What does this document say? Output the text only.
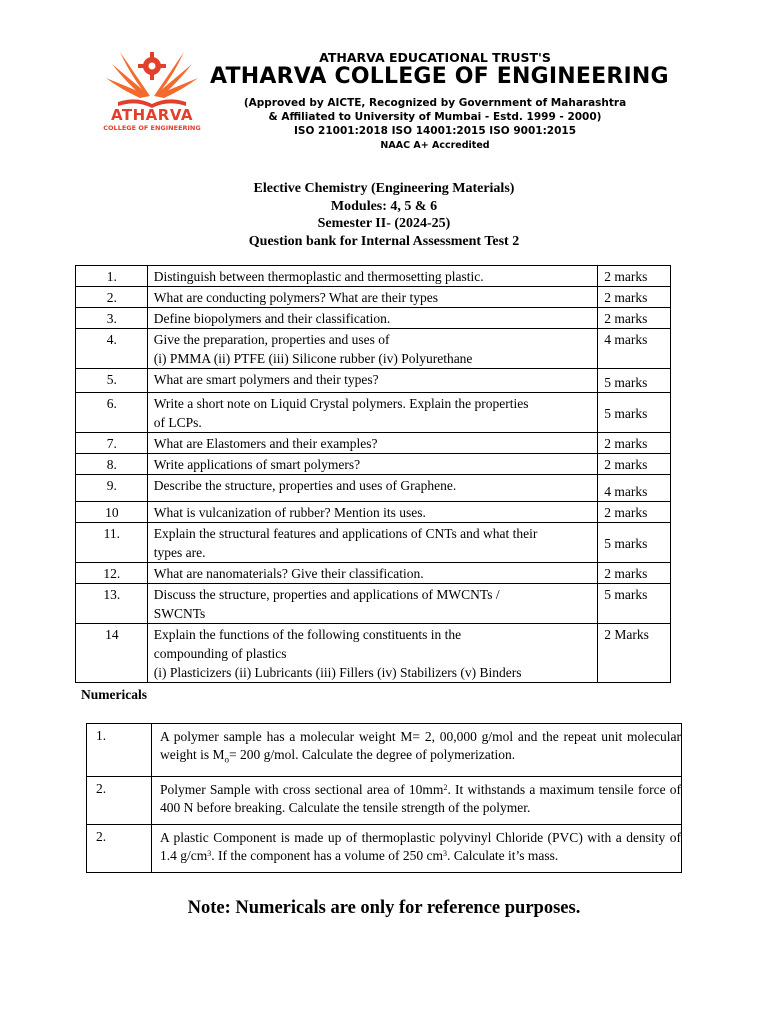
ATHARVA
COLLEGE OF ENGINEERING
ATHARVA EDUCATIONAL TRUST'S
ATHARVA COLLEGE OF ENGINEERING
(Approved by AICTE, Recognized by Government of Maharashtra
& Affiliated to University of Mumbai - Estd. 1999 - 2000)
ISO 21001:2018 ISO 14001:2015 ISO 9001:2015
NAAC A+ Accredited
Elective Chemistry (Engineering Materials)
Modules: 4, 5 & 6
Semester II- (2024-25)
Question bank for Internal Assessment Test 2
1.	Distinguish between thermoplastic and thermosetting plastic.	2 marks
2.	What are conducting polymers? What are their types	2 marks
3.	Define biopolymers and their classification.	2 marks
4.	Give the preparation, properties and uses of
(i) PMMA (ii) PTFE (iii) Silicone rubber (iv) Polyurethane	4 marks
5.	What are smart polymers and their types?	5 marks
6.	Write a short note on Liquid Crystal polymers. Explain the properties
of LCPs.	5 marks
7.	What are Elastomers and their examples?	2 marks
8.	Write applications of smart polymers?	2 marks
9.	Describe the structure, properties and uses of Graphene.	4 marks
10	What is vulcanization of rubber? Mention its uses.	2 marks
11.	Explain the structural features and applications of CNTs and what their
types are.	5 marks
12.	What are nanomaterials? Give their classification.	2 marks
13.	Discuss the structure, properties and applications of MWCNTs /
SWCNTs	5 marks
14	Explain the functions of the following constituents in the
compounding of plastics
(i) Plasticizers (ii) Lubricants (iii) Fillers (iv) Stabilizers (v) Binders	2 Marks
Numericals
1.	A polymer sample has a molecular weight M= 2, 00,000 g/mol and the repeat unit molecular weight is $M_o= 200$ g/mol. Calculate the degree of polymerization.
2.	Polymer Sample with cross sectional area of $10mm^2$. It withstands a maximum tensile force of 400 N before breaking. Calculate the tensile strength of the polymer.
2.	A plastic Component is made up of thermoplastic polyvinyl Chloride (PVC) with a density of 1.4 $g/cm^3$. If the component has a volume of 250 $cm^3$. Calculate it’s mass.
Note: Numericals are only for reference purposes.
